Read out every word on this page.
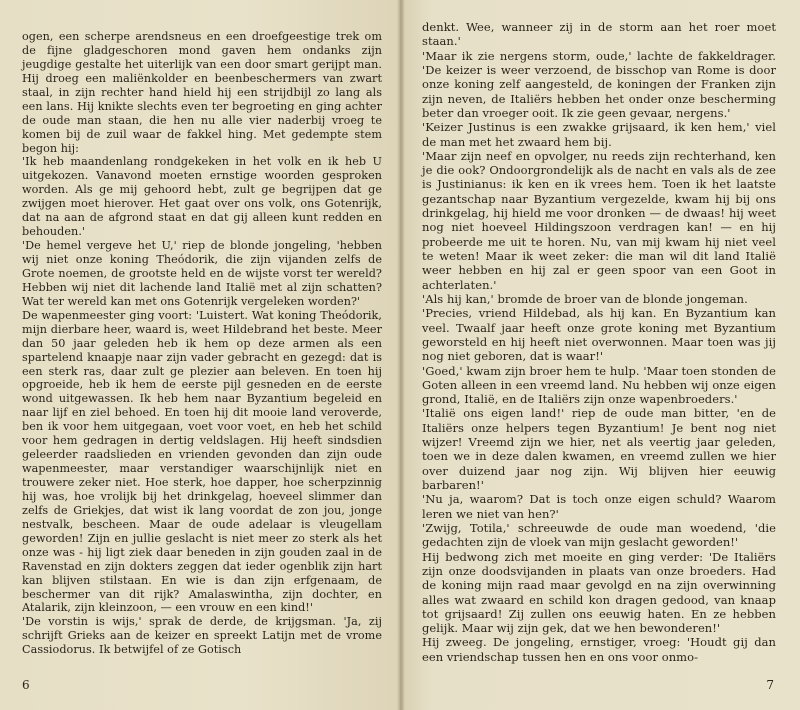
ogen, een scherpe arendsneus en een droefgeestige trek om de fijne gladgeschoren mond gaven hem ondanks zijn jeugdige gestalte het uiterlijk van een door smart gerijpt man. Hij droeg een maliënkolder en beenbeschermers van zwart staal, in zijn rechter hand hield hij een strijdbijl zo lang als een lans. Hij knikte slechts even ter begroeting en ging achter de oude man staan, die hen nu alle vier naderbij vroeg te komen bij de zuil waar de fakkel hing. Met gedempte stem begon hij:
'Ik heb maandenlang rondgekeken in het volk en ik heb U uitgekozen. Vanavond moeten ernstige woorden gesproken worden. Als ge mij gehoord hebt, zult ge begrijpen dat ge zwijgen moet hierover. Het gaat over ons volk, ons Gotenrijk, dat na aan de afgrond staat en dat gij alleen kunt redden en behouden.'
'De hemel vergeve het U,' riep de blonde jongeling, 'hebben wij niet onze koning Theódorik, die zijn vijanden zelfs de Grote noemen, de grootste held en de wijste vorst ter wereld? Hebben wij niet dit lachende land Italië met al zijn schatten? Wat ter wereld kan met ons Gotenrijk vergeleken worden?'
De wapenmeester ging voort: 'Luistert. Wat koning Theódorik, mijn dierbare heer, waard is, weet Hildebrand het beste. Meer dan 50 jaar geleden heb ik hem op deze armen als een spartelend knaapje naar zijn vader gebracht en gezegd: dat is een sterk ras, daar zult ge plezier aan beleven. En toen hij opgroeide, heb ik hem de eerste pijl gesneden en de eerste wond uitgewassen. Ik heb hem naar Byzantium begeleid en naar lijf en ziel behoed. En toen hij dit mooie land veroverde, ben ik voor hem uitgegaan, voet voor voet, en heb het schild voor hem gedragen in dertig veldslagen. Hij heeft sindsdien geleerder raadslieden en vrienden gevonden dan zijn oude wapenmeester, maar verstandiger waarschijnlijk niet en trouwere zeker niet. Hoe sterk, hoe dapper, hoe scherpzinnig hij was, hoe vrolijk bij het drinkgelag, hoeveel slimmer dan zelfs de Griekjes, dat wist ik lang voordat de zon jou, jonge nestvalk, bescheen. Maar de oude adelaar is vleugellam geworden! Zijn en jullie geslacht is niet meer zo sterk als het onze was - hij ligt ziek daar beneden in zijn gouden zaal in de Ravenstad en zijn dokters zeggen dat ieder ogenblik zijn hart kan blijven stilstaan. En wie is dan zijn erfgenaam, de beschermer van dit rijk? Amalaswintha, zijn dochter, en Atalarik, zijn kleinzoon, — een vrouw en een kind!'
'De vorstin is wijs,' sprak de derde, de krijgsman. 'Ja, zij schrijft Grieks aan de keizer en spreekt Latijn met de vrome Cassiodorus. Ik betwijfel of ze Gotisch

6

denkt. Wee, wanneer zij in de storm aan het roer moet staan.'
'Maar ik zie nergens storm, oude,' lachte de fakkeldrager. 'De keizer is weer verzoend, de bisschop van Rome is door onze koning zelf aangesteld, de koningen der Franken zijn zijn neven, de Italiërs hebben het onder onze bescherming beter dan vroeger ooit. Ik zie geen gevaar, nergens.'
'Keizer Justinus is een zwakke grijsaard, ik ken hem,' viel de man met het zwaard hem bij.
'Maar zijn neef en opvolger, nu reeds zijn rechterhand, ken je die ook? Ondoorgrondelijk als de nacht en vals als de zee is Justinianus: ik ken en ik vrees hem. Toen ik het laatste gezantschap naar Byzantium vergezelde, kwam hij bij ons drinkgelag, hij hield me voor dronken — de dwaas! hij weet nog niet hoeveel Hildingszoon verdragen kan! — en hij probeerde me uit te horen. Nu, van mij kwam hij niet veel te weten! Maar ik weet zeker: die man wil dit land Italië weer hebben en hij zal er geen spoor van een Goot in achterlaten.'
'Als hij kan,' bromde de broer van de blonde jongeman.
'Precies, vriend Hildebad, als hij kan. En Byzantium kan veel. Twaalf jaar heeft onze grote koning met Byzantium geworsteld en hij heeft niet overwonnen. Maar toen was jij nog niet geboren, dat is waar!'
'Goed,' kwam zijn broer hem te hulp. 'Maar toen stonden de Goten alleen in een vreemd land. Nu hebben wij onze eigen grond, Italië, en de Italiërs zijn onze wapenbroeders.'
'Italië ons eigen land!' riep de oude man bitter, 'en de Italiërs onze helpers tegen Byzantium! Je bent nog niet wijzer! Vreemd zijn we hier, net als veertig jaar geleden, toen we in deze dalen kwamen, en vreemd zullen we hier over duizend jaar nog zijn. Wij blijven hier eeuwig barbaren!'
'Nu ja, waarom? Dat is toch onze eigen schuld? Waarom leren we niet van hen?'
'Zwijg, Totila,' schreeuwde de oude man woedend, 'die gedachten zijn de vloek van mijn geslacht geworden!'
Hij bedwong zich met moeite en ging verder: 'De Italiërs zijn onze doodsvijanden in plaats van onze broeders. Had de koning mijn raad maar gevolgd en na zijn overwinning alles wat zwaard en schild kon dragen gedood, van knaap tot grijsaard! Zij zullen ons eeuwig haten. En ze hebben gelijk. Maar wij zijn gek, dat we hen bewonderen!'
Hij zweeg. De jongeling, ernstiger, vroeg: 'Houdt gij dan een vriendschap tussen hen en ons voor onmo-

7
